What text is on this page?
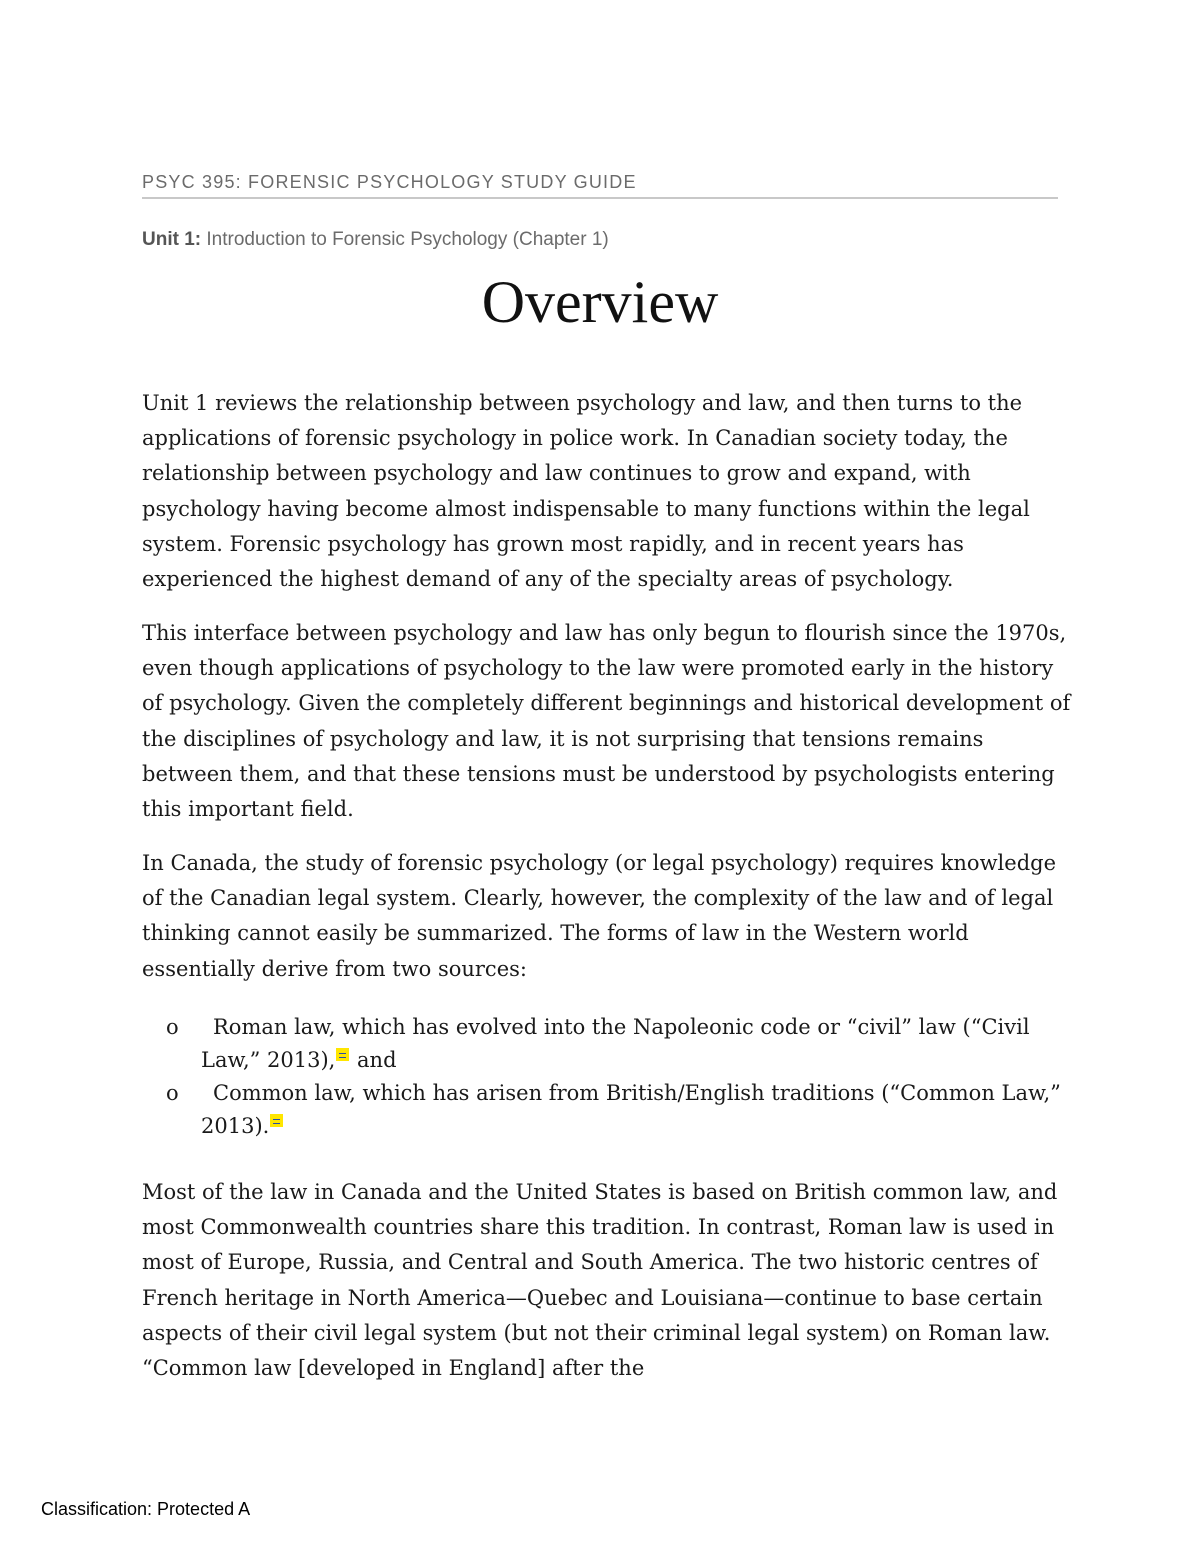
PSYC 395: FORENSIC PSYCHOLOGY STUDY GUIDE
Unit 1: Introduction to Forensic Psychology (Chapter 1)
Overview

Unit 1 reviews the relationship between psychology and law, and then turns to the applications of forensic psychology in police work. In Canadian society today, the relationship between psychology and law continues to grow and expand, with psychology having become almost indispensable to many functions within the legal system. Forensic psychology has grown most rapidly, and in recent years has experienced the highest demand of any of the specialty areas of psychology.

This interface between psychology and law has only begun to flourish since the 1970s, even though applications of psychology to the law were promoted early in the history of psychology. Given the completely different beginnings and historical development of the disciplines of psychology and law, it is not surprising that tensions remains between them, and that these tensions must be understood by psychologists entering this important field.

In Canada, the study of forensic psychology (or legal psychology) requires knowledge of the Canadian legal system. Clearly, however, the complexity of the law and of legal thinking cannot easily be summarized. The forms of law in the Western world essentially derive from two sources:

o Roman law, which has evolved into the Napoleonic code or “civil” law (“Civil Law,” 2013), and
o Common law, which has arisen from British/English traditions (“Common Law,” 2013).

Most of the law in Canada and the United States is based on British common law, and most Commonwealth countries share this tradition. In contrast, Roman law is used in most of Europe, Russia, and Central and South America. The two historic centres of French heritage in North America—Quebec and Louisiana—continue to base certain aspects of their civil legal system (but not their criminal legal system) on Roman law. “Common law [developed in England] after the

Classification: Protected A
